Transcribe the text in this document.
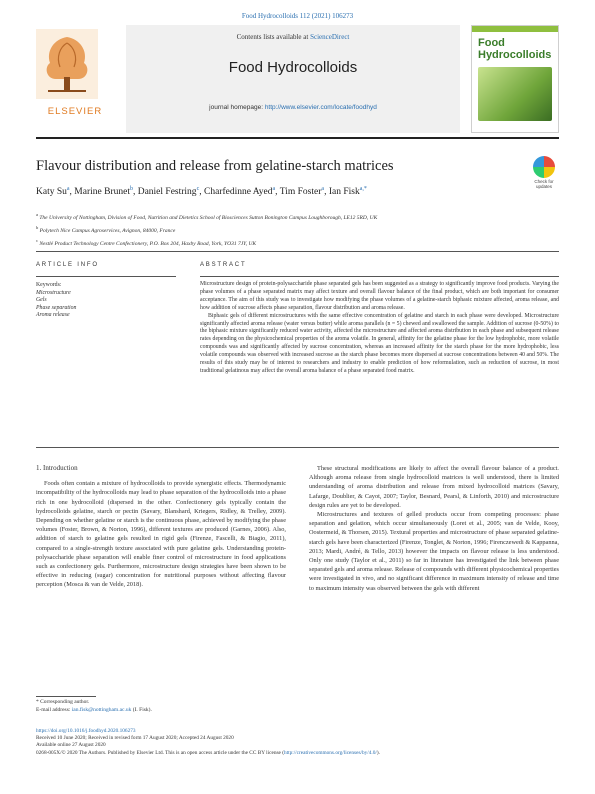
Food Hydrocolloids 112 (2021) 106273
ELSEVIER
Contents lists available at ScienceDirect
Food Hydrocolloids
journal homepage: http://www.elsevier.com/locate/foodhyd
Food
Hydrocolloids
Flavour distribution and release from gelatine-starch matrices
Check for
updates
Katy Su$^a$, Marine Brunet$^b$, Daniel Festring$^c$, Charfedinne Ayed$^a$, Tim Foster$^a$, Ian Fisk$^{a,*}$
$^a$ The University of Nottingham, Division of Food, Nutrition and Dietetics School of Biosciences Sutton Bonington Campus Loughborough, LE12 5RD, UK
$^b$ Polytech Nice Campus Agroservices, Avignon, 84000, France
$^c$ Nestlé Product Technology Centre Confectionery, P.O. Box 204, Haxby Road, York, YO31 7JY, UK
ARTICLE INFO	ABSTRACT
Keywords:
Microstructure
Gels
Phase separation
Aroma release

Microstructure design of protein-polysaccharide phase separated gels has been suggested as a strategy to significantly improve food products. Varying the phase volumes of a phase separated matrix may affect texture and overall flavour balance of the final product, which are both important for consumer acceptance. The aim of this study was to investigate how modifying the phase volumes of a gelatine-starch biphasic mixture affected, aroma release, and how addition of sucrose affects phase separation, flavour distribution and aroma release.

Biphasic gels of different microstructures with the same effective concentration of gelatine and starch in each phase were developed. Microstructure significantly affected aroma release (water versus butter) while aroma parallels (n = 5) chewed and swallowed the sample. Addition of sucrose (0-50%) to the biphasic mixture significantly reduced water activity, affected the microstructure and affected aroma distribution in each phase and subsequent release rates depending on the physicochemical properties of the aroma volatile. In general, affinity for the gelatine phase for the low hydrophobic, more volatile compounds was and significantly affected by sucrose concentration, whereas an increased affinity for the starch phase for the more hydrophobic, less volatile compounds was observed with increased sucrose as the starch phase becomes more dispersed at sucrose concentrations between 40 and 50%. The results of this study may be of interest to researchers and industry to enable prediction of how reformulation, such as reduction of sucrose, in most traditional gelatinous may affect the overall aroma balance of a phase separated food matrix.

1. Introduction

Foods often contain a mixture of hydrocolloids to provide synergistic effects. Thermodynamic incompatibility of the hydrocolloids may lead to phase separation of the hydrocolloids into a phase rich in one hydrocolloid (dispersed in the other. Confectionery gels typically contain the hydrocolloids gelatine, starch or pectin (Savary, Blanshard, Kriegers, Ridley, & Trelley, 2009). Depending on whether gelatine or starch is the continuous phase, achieved by modifying the phase volumes (Foster, Brown, & Norton, 1996), different textures are produced (Garnes, 2006). Also, addition of starch to gelatine gels resulted in rigid gels (Firenze, Fascelli, & Biagio, 2011), compared to a single-strength texture associated with pure gelatine gels. Understanding protein-polysaccharide phase separation will enable finer control of microstructure in food applications such as confectionery gels. Furthermore, microstructure design strategies have been shown to be effective in reducing (sugar) concentration for nutritional purposes without affecting flavour perception (Mosca & van de Velde, 2018).

These structural modifications are likely to affect the overall flavour balance of a product. Although aroma release from single hydrocolloid matrices is well understood, there is limited understanding of aroma distribution and release from mixed hydrocolloid matrices (Savary, Lafarge, Doublier, & Cayot, 2007; Taylor, Besnard, Pearsl, & Linforth, 2010) and microstructure design rules are yet to be developed.

Microstructures and textures of gelled products occur from competing processes: phase separation and gelation, which occur simultaneously (Loret et al., 2005; van de Velde, Kooy, Oostermeid, & Thorsen, 2015). Textural properties and microstructure of phase separated gelatine-starch gels have been characterized (Firenze, Tonglet, & Norton, 1996; Firenczewedi & Kappanna, 2013; Mardi, André, & Tello, 2013) however the impacts on flavour release is less understood. Only one study (Taylor et al., 2011) so far in literature has investigated the link between phase separated gels and aroma release. Release of compounds with different physicochemical properties were investigated in vivo, and no significant difference in maximum intensity of release and time to maximum intensity was observed between the gels with different

* Corresponding author.
E-mail address: ian.fisk@nottingham.ac.uk (I. Fisk).
https://doi.org/10.1016/j.foodhyd.2020.106273
Received 10 June 2020; Received in revised form 17 August 2020; Accepted 24 August 2020
Available online 27 August 2020
0268-005X/© 2020 The Authors. Published by Elsevier Ltd. This is an open access article under the CC BY license (http://creativecommons.org/licenses/by/4.0/).
